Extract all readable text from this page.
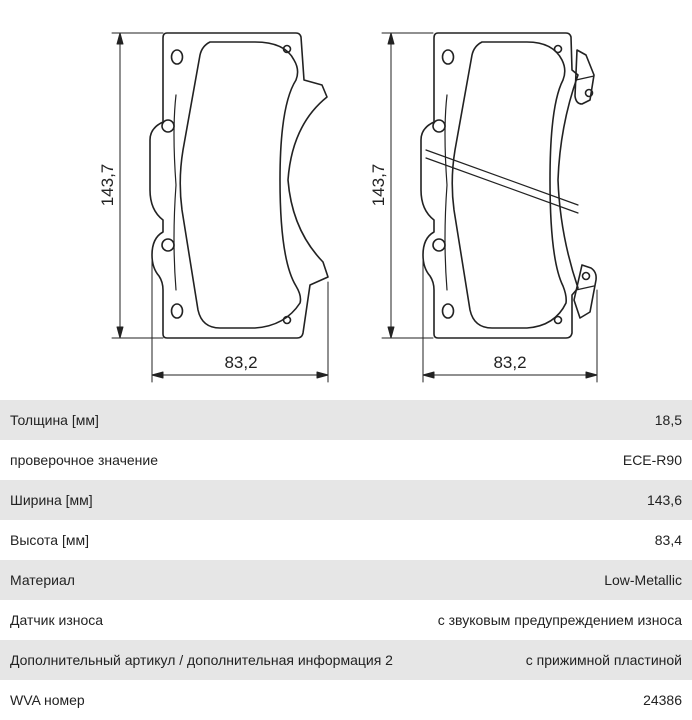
143,7
83,2
143,7
83,2
Толщина [мм]	18,5
проверочное значение	ECE-R90
Ширина [мм]	143,6
Высота [мм]	83,4
Материал	Low-Metallic
Датчик износа	с звуковым предупреждением износа
Дополнительный артикул / дополнительная информация 2	с прижимной пластиной
WVA номер	24386
